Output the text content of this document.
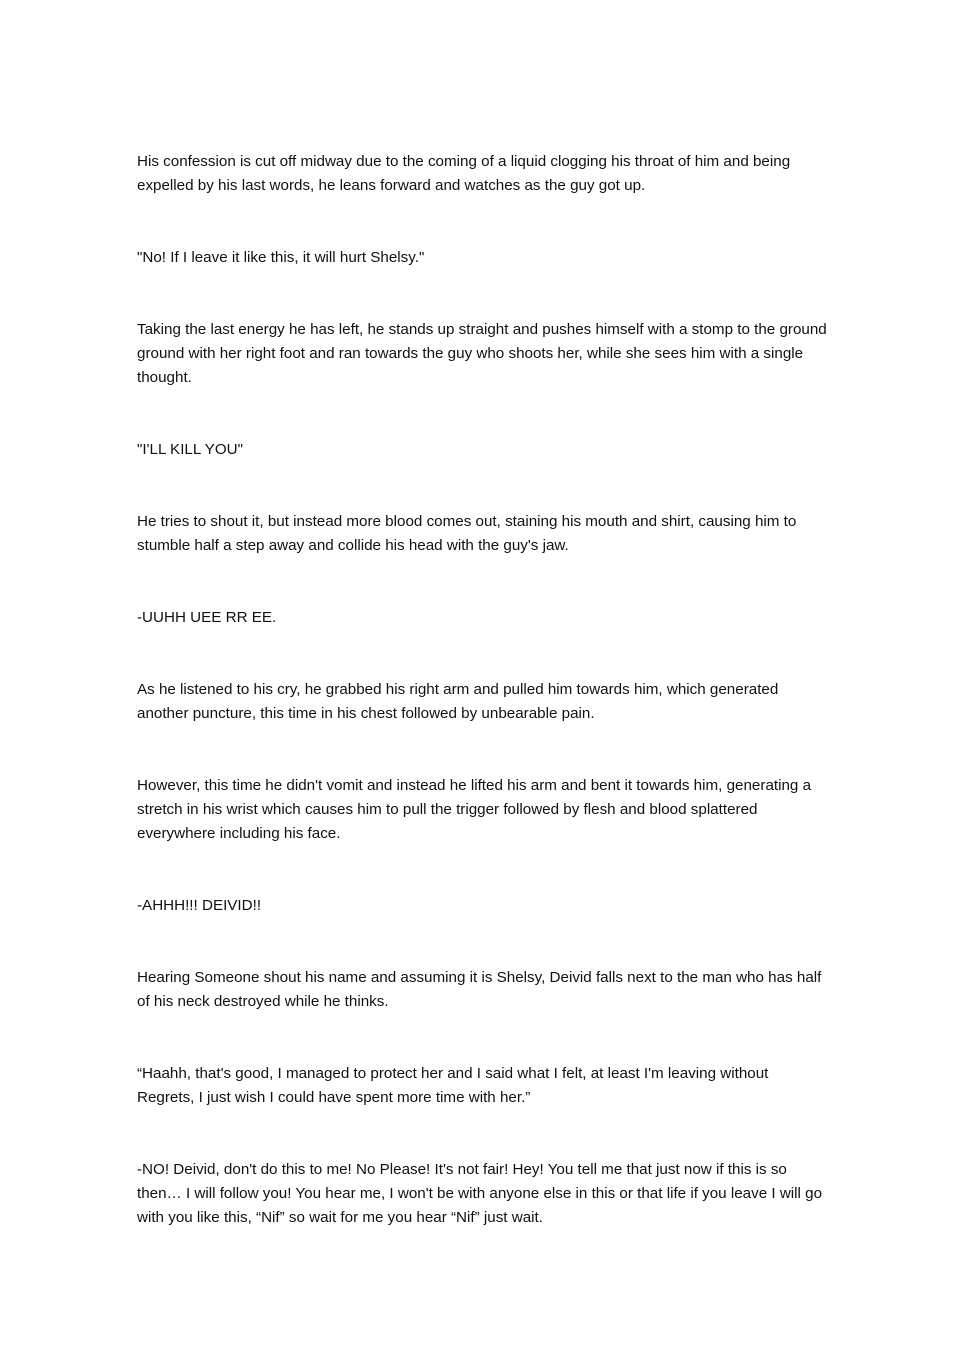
His confession is cut off midway due to the coming of a liquid clogging his throat of him and being expelled by his last words, he leans forward and watches as the guy got up.

"No! If I leave it like this, it will hurt Shelsy."

Taking the last energy he has left, he stands up straight and pushes himself with a stomp to the ground ground with her right foot and ran towards the guy who shoots her, while she sees him with a single thought.

"I'LL KILL YOU"

He tries to shout it, but instead more blood comes out, staining his mouth and shirt, causing him to stumble half a step away and collide his head with the guy's jaw.

-UUHH UEE RR EE.

As he listened to his cry, he grabbed his right arm and pulled him towards him, which generated another puncture, this time in his chest followed by unbearable pain.

However, this time he didn't vomit and instead he lifted his arm and bent it towards him, generating a stretch in his wrist which causes him to pull the trigger followed by flesh and blood splattered everywhere including his face.

-AHHH!!! DEIVID!!

Hearing Someone shout his name and assuming it is Shelsy, Deivid falls next to the man who has half of his neck destroyed while he thinks.

“Haahh, that's good, I managed to protect her and I said what I felt, at least I'm leaving without Regrets, I just wish I could have spent more time with her.”

-NO! Deivid, don't do this to me! No Please! It's not fair! Hey! You tell me that just now if this is so then… I will follow you! You hear me, I won't be with anyone else in this or that life if you leave I will go with you like this, “Nif” so wait for me you hear “Nif” just wait.
